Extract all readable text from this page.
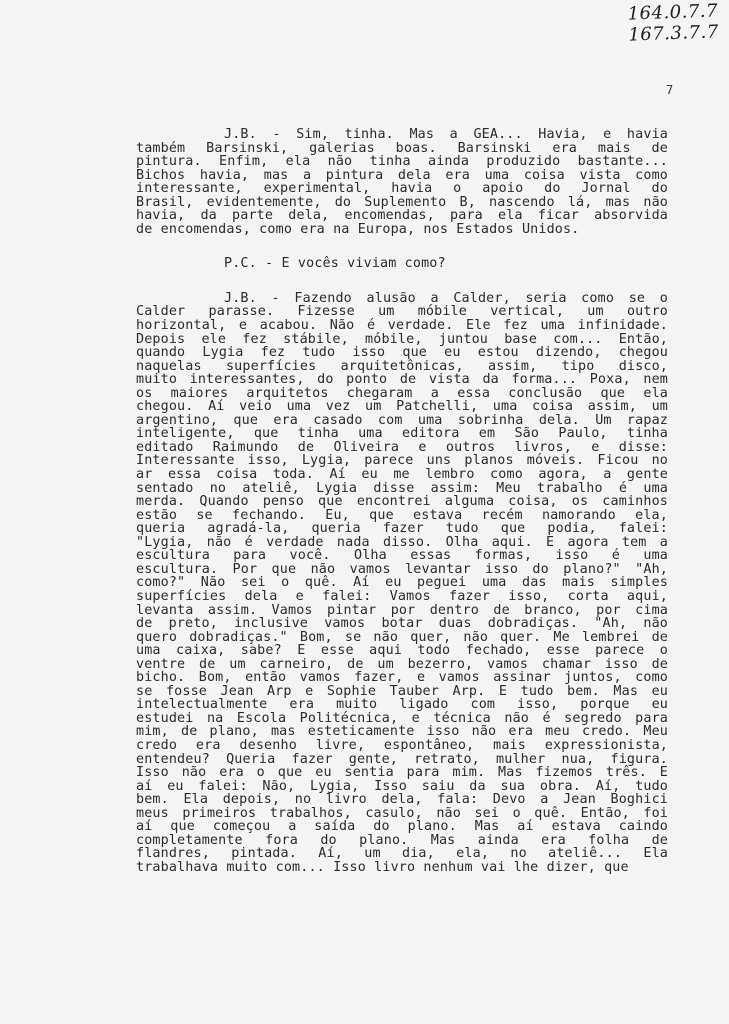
164.0.7.7
167.3.7.7
7
J.B. - Sim, tinha. Mas a GEA... Havia, e havia
também Barsinski, galerias boas. Barsinski era mais de
pintura. Enfim, ela não tinha ainda produzido bastante...
Bichos havia, mas a pintura dela era uma coisa vista como
interessante, experimental, havia o apoio do Jornal do
Brasil, evidentemente, do Suplemento B, nascendo lá, mas não
havia, da parte dela, encomendas, para ela ficar absorvida
de encomendas, como era na Europa, nos Estados Unidos.
P.C. - E vocês viviam como?
J.B. - Fazendo alusão a Calder, seria como se o
Calder parasse. Fizesse um móbile vertical, um outro
horizontal, e acabou. Não é verdade. Ele fez uma infinidade.
Depois ele fez stábile, móbile, juntou base com... Então,
quando Lygia fez tudo isso que eu estou dizendo, chegou
naquelas superfícies arquitetônicas, assim, tipo disco,
muito interessantes, do ponto de vista da forma... Poxa, nem
os maiores arquitetos chegaram a essa conclusão que ela
chegou. Aí veio uma vez um Patchelli, uma coisa assim, um
argentino, que era casado com uma sobrinha dela. Um rapaz
inteligente, que tinha uma editora em São Paulo, tinha
editado Raimundo de Oliveira e outros livros, e disse:
Interessante isso, Lygia, parece uns planos móveis. Ficou no
ar essa coisa toda. Aí eu me lembro como agora, a gente
sentado no ateliê, Lygia disse assim: Meu trabalho é uma
merda. Quando penso que encontrei alguma coisa, os caminhos
estão se fechando. Eu, que estava recém namorando ela,
queria agradá-la, queria fazer tudo que podia, falei:
"Lygia, não é verdade nada disso. Olha aqui. E agora tem a
escultura para você. Olha essas formas, isso é uma
escultura. Por que não vamos levantar isso do plano?" "Ah,
como?" Não sei o quê. Aí eu peguei uma das mais simples
superfícies dela e falei: Vamos fazer isso, corta aqui,
levanta assim. Vamos pintar por dentro de branco, por cima
de preto, inclusive vamos botar duas dobradiças. "Ah, não
quero dobradiças." Bom, se não quer, não quer. Me lembrei de
uma caixa, sabe? E esse aqui todo fechado, esse parece o
ventre de um carneiro, de um bezerro, vamos chamar isso de
bicho. Bom, então vamos fazer, e vamos assinar juntos, como
se fosse Jean Arp e Sophie Tauber Arp. E tudo bem. Mas eu
intelectualmente era muito ligado com isso, porque eu
estudei na Escola Politécnica, e técnica não é segredo para
mim, de plano, mas esteticamente isso não era meu credo. Meu
credo era desenho livre, espontâneo, mais expressionista,
entendeu? Queria fazer gente, retrato, mulher nua, figura.
Isso não era o que eu sentia para mim. Mas fizemos três. E
aí eu falei: Não, Lygia, Isso saiu da sua obra. Aí, tudo
bem. Ela depois, no livro dela, fala: Devo a Jean Boghici
meus primeiros trabalhos, casulo, não sei o quê. Então, foi
aí que começou a saída do plano. Mas aí estava caindo
completamente fora do plano. Mas ainda era folha de
flandres, pintada. Aí, um dia, ela, no ateliê... Ela
trabalhava muito com... Isso livro nenhum vai lhe dizer, que
